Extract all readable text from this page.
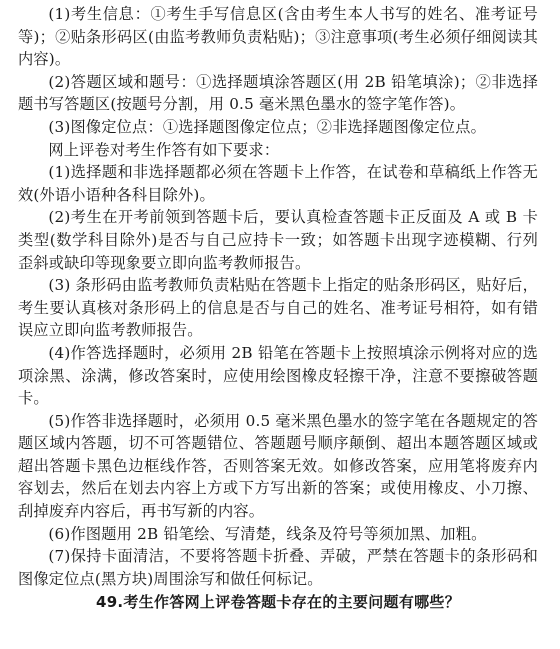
(1)考生信息：①考生手写信息区(含由考生本人书写的姓名、准考证号等)；②贴条形码区(由监考教师负责粘贴)；③注意事项(考生必须仔细阅读其内容)。

(2)答题区域和题号：①选择题填涂答题区(用 2B 铅笔填涂)；②非选择题书写答题区(按题号分割，用 0.5 毫米黑色墨水的签字笔作答)。

(3)图像定位点：①选择题图像定位点；②非选择题图像定位点。

网上评卷对考生作答有如下要求：

(1)选择题和非选择题都必须在答题卡上作答，在试卷和草稿纸上作答无效(外语小语种各科目除外)。

(2)考生在开考前领到答题卡后，要认真检查答题卡正反面及 A 或 B 卡类型(数学科目除外)是否与自己应持卡一致；如答题卡出现字迹模糊、行列歪斜或缺印等现象要立即向监考教师报告。

(3) 条形码由监考教师负责粘贴在答题卡上指定的贴条形码区，贴好后，考生要认真核对条形码上的信息是否与自己的姓名、准考证号相符，如有错误应立即向监考教师报告。

(4)作答选择题时，必须用 2B 铅笔在答题卡上按照填涂示例将对应的选项涂黑、涂满，修改答案时，应使用绘图橡皮轻擦干净，注意不要擦破答题卡。

(5)作答非选择题时，必须用 0.5 毫米黑色墨水的签字笔在各题规定的答题区域内答题，切不可答题错位、答题题号顺序颠倒、超出本题答题区域或超出答题卡黑色边框线作答，否则答案无效。如修改答案，应用笔将废弃内容划去，然后在划去内容上方或下方写出新的答案；或使用橡皮、小刀擦、刮掉废弃内容后，再书写新的内容。

(6)作图题用 2B 铅笔绘、写清楚，线条及符号等须加黑、加粗。

(7)保持卡面清洁，不要将答题卡折叠、弄破，严禁在答题卡的条形码和图像定位点(黑方块)周围涂写和做任何标记。

49.考生作答网上评卷答题卡存在的主要问题有哪些？
